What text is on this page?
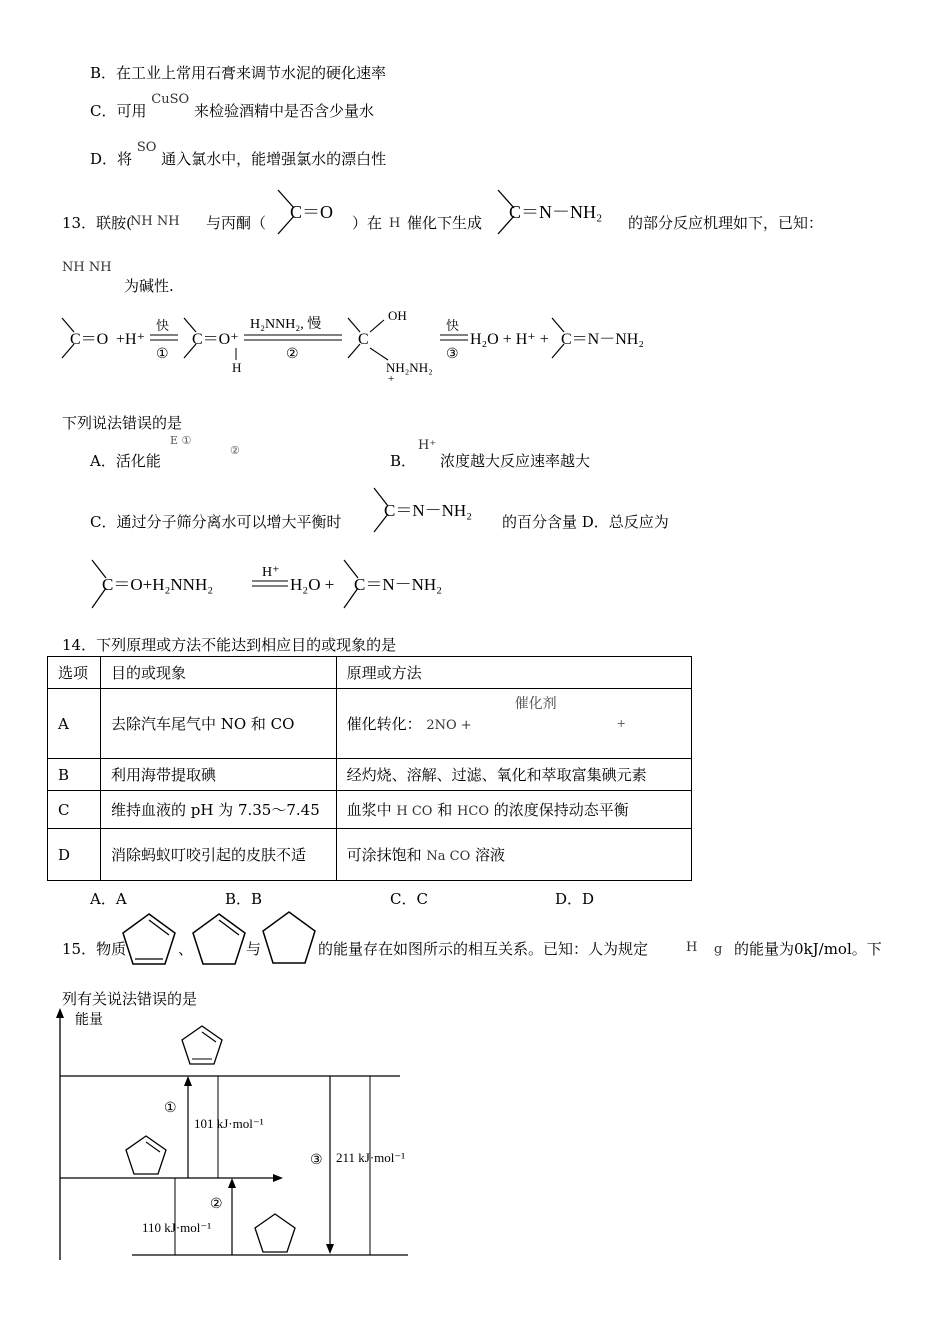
B．在工业上常用石膏来调节水泥的硬化速率
C．可用 CuSO 来检验酒精中是否含少量水
D．将 SO 通入氯水中，能增强氯水的漂白性
13．联胺(
NH NH 与丙酮（
C＝O
）在 H 催化下生成
C＝N－NH₂
的部分反应机理如下，已知：
NH NH
为碱性.
C＝O +H⁺
快
①
C＝O⁺
H
H₂NNH₂, 慢
②
C
OH
NH₂NH₂
+
快
③
H₂O + H⁺ + C＝N－NH₂
下列说法错误的是
A．活化能
E ①
②
B．
H⁺
浓度越大反应速率越大
C．通过分子筛分离水可以增大平衡时
C＝N－NH₂
的百分含量 D．总反应为
C＝O+H₂NNH₂
H⁺
H₂O + C＝N－NH₂
14．下列原理或方法不能达到相应目的或现象的是
选项	目的或现象	原理或方法
A	去除汽车尾气中 NO 和 CO	催化转化： 2NO +
催化剂
+

B	利用海带提取碘	经灼烧、溶解、过滤、氧化和萃取富集碘元素
C	维持血液的 pH 为 7.35～7.45	血浆中 H CO 和 HCO 的浓度保持动态平衡
D	消除蚂蚁叮咬引起的皮肤不适	可涂抹饱和 Na CO 溶液
A．A	B．B	C．C	D．D
15．物质	、	与	的能量存在如图所示的相互关系。已知：人为规定	H g 的能量为0kJ/mol。下
列有关说法错误的是
能量
①
101 kJ·mol⁻¹
②
110 kJ·mol⁻¹
③ 211 kJ·mol⁻¹
